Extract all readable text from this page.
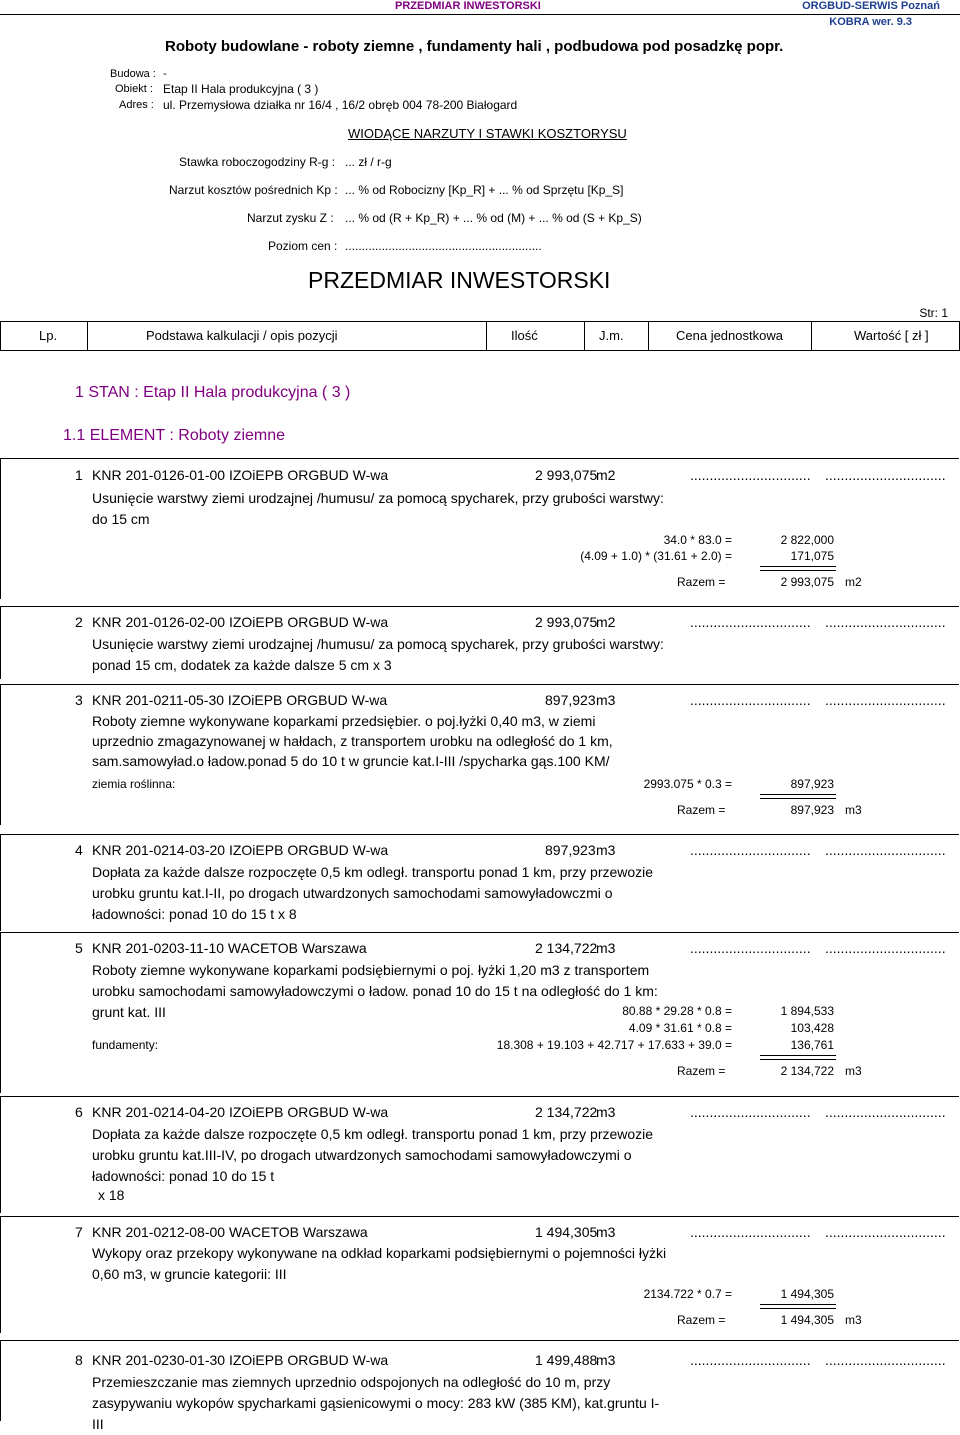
PRZEDMIAR INWESTORSKI	ORGBUD-SERWIS Poznań
KOBRA wer. 9.3
Roboty budowlane - roboty ziemne , fundamenty hali , podbudowa pod posadzkę popr.
Budowa : -
Obiekt : Etap II Hala produkcyjna ( 3 )
Adres : ul. Przemysłowa działka nr 16/4 , 16/2 obręb 004 78-200 Białogard
WIODĄCE NARZUTY I STAWKI KOSZTORYSU
Stawka roboczogodziny R-g : ... zł / r-g
Narzut kosztów pośrednich Kp : ... % od Robocizny [Kp_R] + ... % od Sprzętu [Kp_S]
Narzut zysku Z : ... % od (R + Kp_R) + ... % od (M) + ... % od (S + Kp_S)
Poziom cen : ...........................................................
PRZEDMIAR INWESTORSKI
Str: 1
Lp.	Podstawa kalkulacji / opis pozycji	Ilość	J.m.	Cena jednostkowa	Wartość [ zł ]
1 STAN : Etap II Hala produkcyjna ( 3 )
1.1 ELEMENT : Roboty ziemne
1 KNR 201-0126-01-00 IZOiEPB ORGBUD W-wa	2 993,075
m2	............................... ...............................
Usunięcie warstwy ziemi urodzajnej /humusu/ za pomocą spycharek, przy grubości warstwy: do 15 cm
34.0 * 83.0 =	2 822,000
(4.09 + 1.0) * (31.61 + 2.0) =	171,075
Razem =	2 993,075 m2
2 KNR 201-0126-02-00 IZOiEPB ORGBUD W-wa	2 993,075
m2	............................... ...............................
Usunięcie warstwy ziemi urodzajnej /humusu/ za pomocą spycharek, przy grubości warstwy: ponad 15 cm, dodatek za każde dalsze 5 cm x 3
3 KNR 201-0211-05-30 IZOiEPB ORGBUD W-wa	897,923 m3	............................... ...............................
Roboty ziemne wykonywane koparkami przedsiębier. o poj.łyżki 0,40 m3, w ziemi uprzednio zmagazynowanej w hałdach, z transportem urobku na odległość do 1 km, sam.samowyład.o ładow.ponad 5 do 10 t w gruncie kat.I-III /spycharka gąs.100 KM/
ziemia roślinna:	2993.075 * 0.3 =	897,923
Razem =	897,923 m3
4 KNR 201-0214-03-20 IZOiEPB ORGBUD W-wa	897,923 m3	............................... ...............................
Dopłata za każde dalsze rozpoczęte 0,5 km odległ. transportu ponad 1 km, przy przewozie urobku gruntu kat.I-II, po drogach utwardzonych samochodami samowyładowczmi o ładowności: ponad 10 do 15 t x 8
5 KNR 201-0203-11-10 WACETOB Warszawa	2 134,722
m3	............................... ...............................
Roboty ziemne wykonywane koparkami podsiębiernymi o poj. łyżki 1,20 m3 z transportem urobku samochodami samowyładowczymi o ładow. ponad 10 do 15 t na odległość do 1 km: grunt kat. III	80.88 * 29.28 * 0.8 =	1 894,533
4.09 * 31.61 * 0.8 =	103,428
fundamenty:	18.308 + 19.103 + 42.717 + 17.633 + 39.0 =	136,761
Razem =	2 134,722 m3
6 KNR 201-0214-04-20 IZOiEPB ORGBUD W-wa	2 134,722
m3	............................... ...............................
Dopłata za każde dalsze rozpoczęte 0,5 km odległ. transportu ponad 1 km, przy przewozie urobku gruntu kat.III-IV, po drogach utwardzonych samochodami samowyładowczymi o ładowności: ponad 10 do 15 t
x 18
7 KNR 201-0212-08-00 WACETOB Warszawa	1 494,305
m3	............................... ...............................
Wykopy oraz przekopy wykonywane na odkład koparkami podsiębiernymi o pojemności łyżki 0,60 m3, w gruncie kategorii: III
2134.722 * 0.7 =	1 494,305
Razem =	1 494,305 m3
8 KNR 201-0230-01-30 IZOiEPB ORGBUD W-wa	1 499,488
m3	............................... ...............................
Przemieszczanie mas ziemnych uprzednio odspojonych na odległość do 10 m, przy zasypywaniu wykopów spycharkami gąsienicowymi o mocy: 283 kW (385 KM), kat.gruntu I-III
